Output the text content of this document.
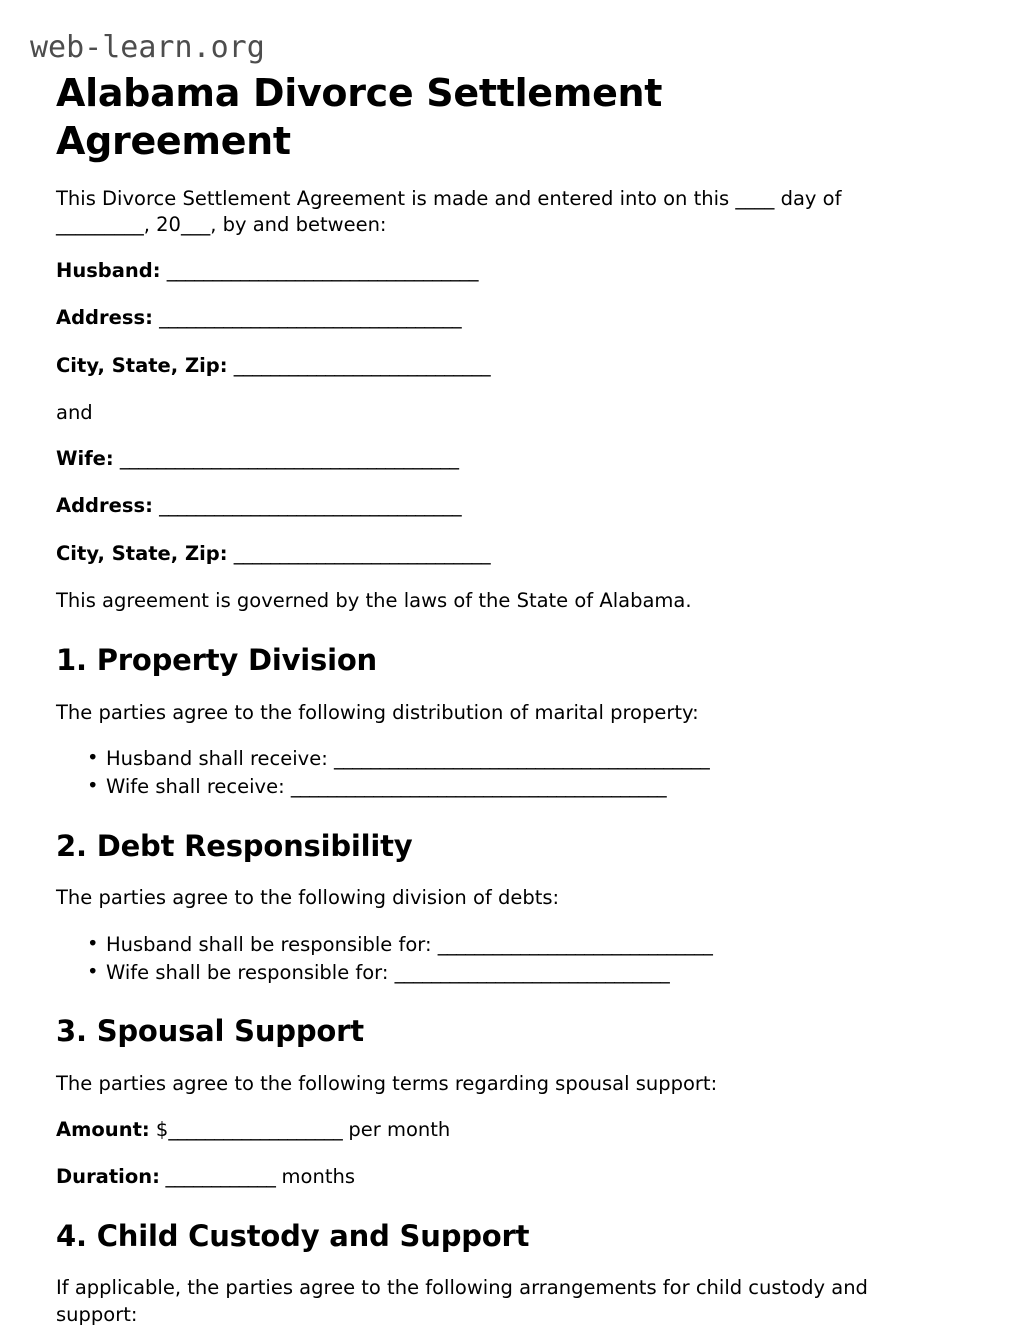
web-learn.org
Alabama Divorce Settlement Agreement

This Divorce Settlement Agreement is made and entered into on this ____ day of _________, 20___, by and between:

Husband: __________________________________
Address: _________________________________
City, State, Zip: ____________________________

and

Wife: _____________________________________
Address: _________________________________
City, State, Zip: ____________________________

This agreement is governed by the laws of the State of Alabama.

1. Property Division

The parties agree to the following distribution of marital property:

• Husband shall receive: _________________________________________
• Wife shall receive: _________________________________________
2. Debt Responsibility

The parties agree to the following division of debts:

• Husband shall be responsible for: ______________________________
• Wife shall be responsible for: ______________________________
3. Spousal Support

The parties agree to the following terms regarding spousal support:

Amount: $___________________ per month
Duration: ____________ months
4. Child Custody and Support

If applicable, the parties agree to the following arrangements for child custody and support:
